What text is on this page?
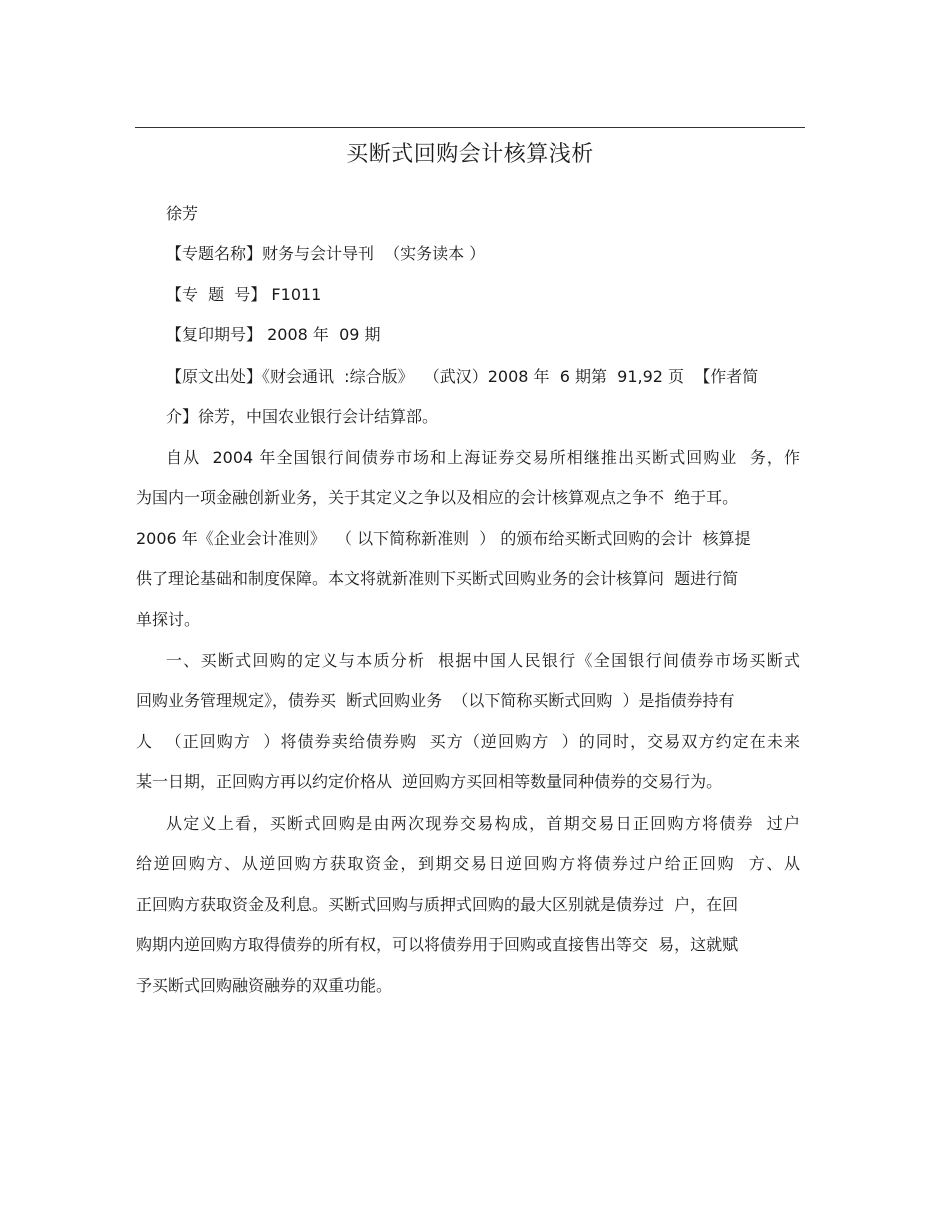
买断式回购会计核算浅析
徐芳
【专题名称】财务与会计导刊  （实务读本 ）
【专  题  号】 F1011
【复印期号】 2008 年  09 期
【原文出处】《财会通讯  :综合版》  （武汉）2008 年  6 期第  91,92 页  【作者简
介】徐芳，中国农业银行会计结算部。
自从  2004 年全国银行间债券市场和上海证券交易所相继推出买断式回购业  务，作
为国内一项金融创新业务，关于其定义之争以及相应的会计核算观点之争不  绝于耳。
2006 年《企业会计准则》  （ 以下简称新准则  ） 的颁布给买断式回购的会计  核算提
供了理论基础和制度保障。本文将就新准则下买断式回购业务的会计核算问  题进行简
单探讨。
一、买断式回购的定义与本质分析  根据中国人民银行《全国银行间债券市场买断式
回购业务管理规定》，债券买  断式回购业务  （以下简称买断式回购  ）是指债券持有
人  （正回购方  ）将债券卖给债券购  买方（逆回购方  ）的同时，交易双方约定在未来
某一日期，正回购方再以约定价格从  逆回购方买回相等数量同种债券的交易行为。
从定义上看，买断式回购是由两次现券交易构成，首期交易日正回购方将债券  过户
给逆回购方、从逆回购方获取资金，到期交易日逆回购方将债券过户给正回购  方、从
正回购方获取资金及利息。买断式回购与质押式回购的最大区别就是债券过  户，在回
购期内逆回购方取得债券的所有权，可以将债券用于回购或直接售出等交  易，这就赋
予买断式回购融资融券的双重功能。
